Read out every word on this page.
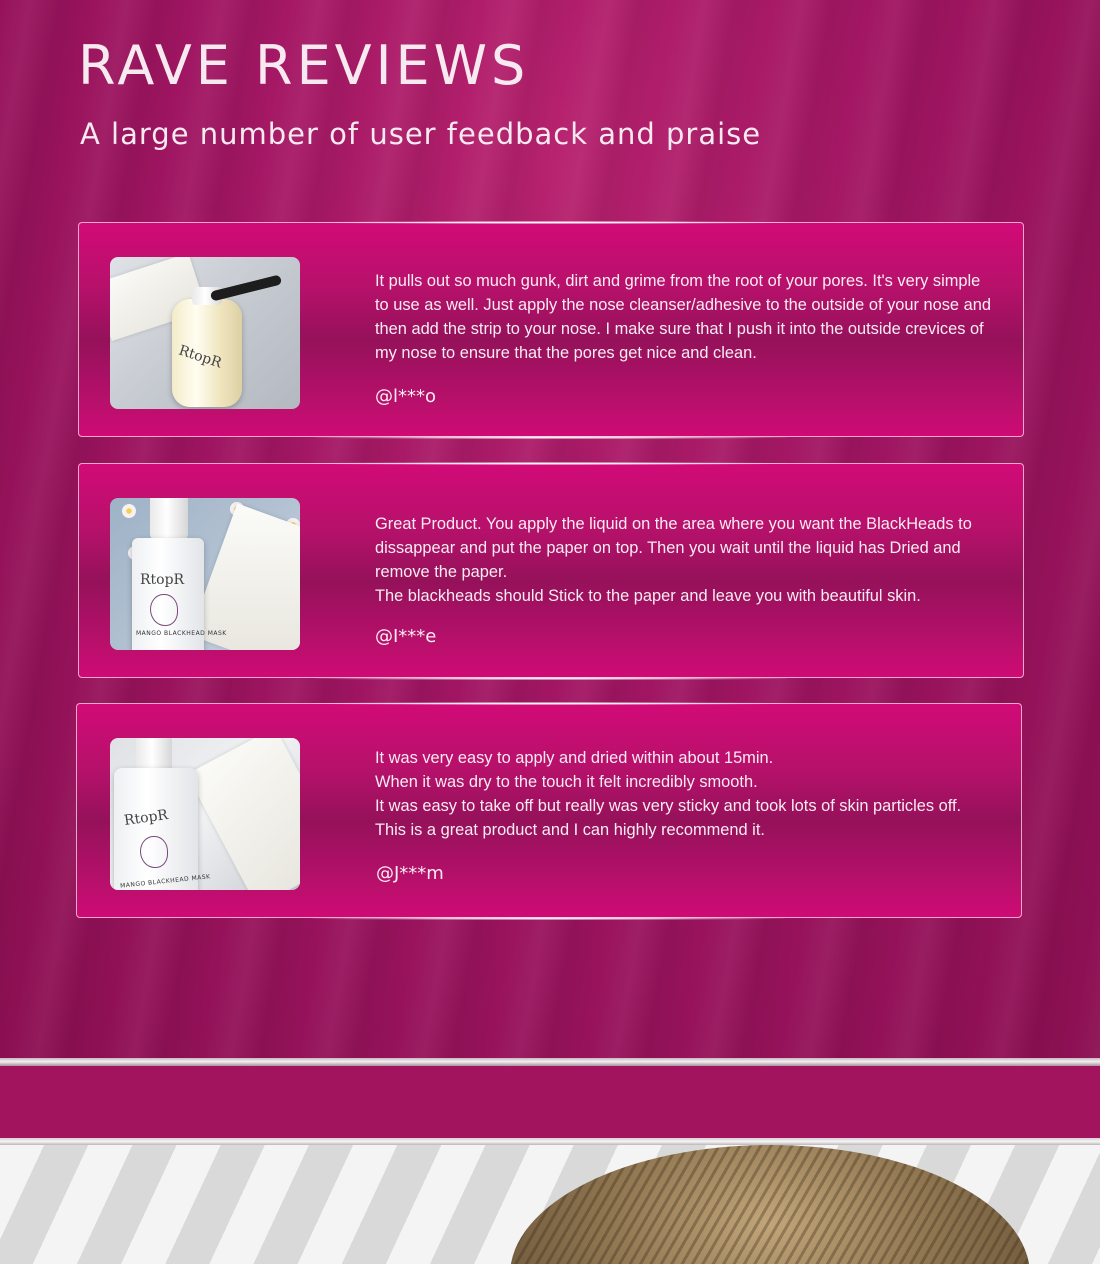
RAVE REVIEWS
A large number of user feedback and praise
RtopR

It pulls out so much gunk, dirt and grime from the root of your pores. It's very simple to use as well. Just apply the nose cleanser/adhesive to the outside of your nose and then add the strip to your nose. I make sure that I push it into the outside crevices of my nose to ensure that the pores get nice and clean.

@l***o

RtopR
MANGO BLACKHEAD MASK

Great Product. You apply the liquid on the area where you want the BlackHeads to dissappear and put the paper on top. Then you wait until the liquid has Dried and remove the paper.
The blackheads should Stick to the paper and leave you with beautiful skin.

@I***e

RtopR
MANGO BLACKHEAD MASK

It was very easy to apply and dried within about 15min.
When it was dry to the touch it felt incredibly smooth.
It was easy to take off but really was very sticky and took lots of skin particles off. This is a great product and I can highly recommend it.

@J***m
